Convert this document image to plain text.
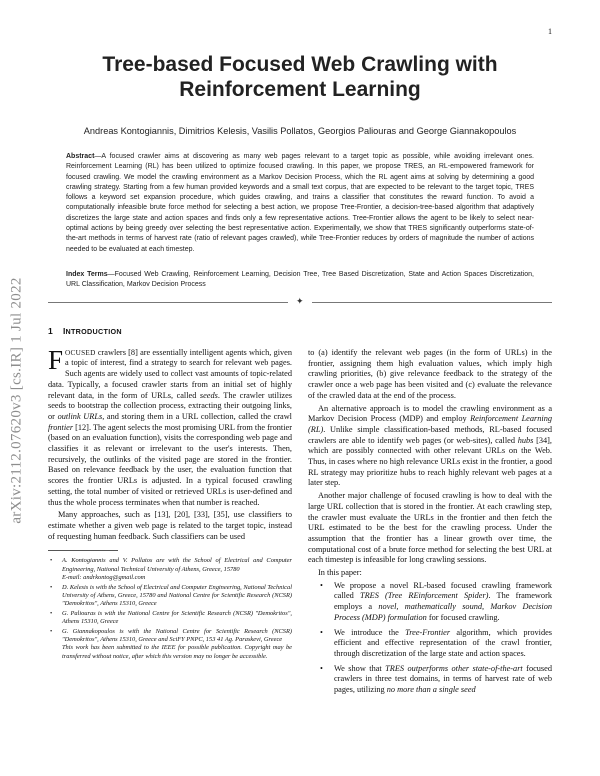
1
arXiv:2112.07620v3 [cs.IR] 1 Jul 2022
Tree-based Focused Web Crawling with Reinforcement Learning
Andreas Kontogiannis, Dimitrios Kelesis, Vasilis Pollatos, Georgios Paliouras and George Giannakopoulos
Abstract—A focused crawler aims at discovering as many web pages relevant to a target topic as possible, while avoiding irrelevant ones. Reinforcement Learning (RL) has been utilized to optimize focused crawling. In this paper, we propose TRES, an RL-empowered framework for focused crawling. We model the crawling environment as a Markov Decision Process, which the RL agent aims at solving by determining a good crawling strategy. Starting from a few human provided keywords and a small text corpus, that are expected to be relevant to the target topic, TRES follows a keyword set expansion procedure, which guides crawling, and trains a classifier that constitutes the reward function. To avoid a computationally infeasible brute force method for selecting a best action, we propose Tree-Frontier, a decision-tree-based algorithm that adaptively discretizes the large state and action spaces and finds only a few representative actions. Tree-Frontier allows the agent to be likely to select near-optimal actions by being greedy over selecting the best representative action. Experimentally, we show that TRES significantly outperforms state-of-the-art methods in terms of harvest rate (ratio of relevant pages crawled), while Tree-Frontier reduces by orders of magnitude the number of actions needed to be evaluated at each timestep.
Index Terms—Focused Web Crawling, Reinforcement Learning, Decision Tree, Tree Based Discretization, State and Action Spaces Discretization, URL Classification, Markov Decision Process
✦
1 INTRODUCTION

FOCUSED crawlers [8] are essentially intelligent agents which, given a topic of interest, find a strategy to search for relevant web pages. Such agents are widely used to collect vast amounts of topic-related data. Typically, a focused crawler starts from an initial set of highly relevant data, in the form of URLs, called seeds. The crawler utilizes seeds to bootstrap the collection process, extracting their outgoing links, or outlink URLs, and storing them in a URL collection, called the crawl frontier [12]. The agent selects the most promising URL from the frontier (based on an evaluation function), visits the corresponding web page and classifies it as relevant or irrelevant to the user's interests. Then, recursively, the outlinks of the visited page are stored in the frontier. Based on relevance feedback by the user, the evaluation function that scores the frontier URLs is adjusted. In a typical focused crawling setting, the total number of visited or retrieved URLs is user-defined and thus the whole process terminates when that number is reached.

Many approaches, such as [13], [20], [33], [35], use classifiers to estimate whether a given web page is related to the target topic, instead of requesting human feedback. Such classifiers can be used

• A. Kontogiannis and V. Pollatos are with the School of Electrical and Computer Engineering, National Technical University of Athens, Greece, 15780
E-mail: andrkontog@gmail.com
• D. Kelesis is with the School of Electrical and Computer Engineering, National Technical University of Athens, Greece, 15780 and National Centre for Scientific Research (NCSR) "Demokritos", Athens 15310, Greece
• G. Paliouras is with the National Centre for Scientific Research (NCSR) "Demokritos", Athens 15310, Greece
• G. Giannakopoulos is with the National Centre for Scientific Research (NCSR) "Demokritos", Athens 15310, Greece and SciFY PNPC, 153 41 Ag. Paraskevi, Greece
This work has been submitted to the IEEE for possible publication. Copyright may be transferred without notice, after which this version may no longer be accessible.

to (a) identify the relevant web pages (in the form of URLs) in the frontier, assigning them high evaluation values, which imply high crawling priorities, (b) give relevance feedback to the strategy of the crawler once a web page has been visited and (c) evaluate the relevance of the crawled data at the end of the process.

An alternative approach is to model the crawling environment as a Markov Decision Process (MDP) and employ Reinforcement Learning (RL). Unlike simple classification-based methods, RL-based focused crawlers are able to identify web pages (or web-sites), called hubs [34], which are possibly connected with other relevant URLs on the Web. Thus, in cases where no high relevance URLs exist in the frontier, a good RL strategy may prioritize hubs to reach highly relevant web pages at a later step.

Another major challenge of focused crawling is how to deal with the large URL collection that is stored in the frontier. At each crawling step, the crawler must evaluate the URLs in the frontier and then fetch the URL estimated to be the best for the crawling process. Under the assumption that the frontier has a linear growth over time, the computational cost of a brute force method for selecting the best URL at each timestep is infeasible for long crawling sessions.

In this paper:

• We propose a novel RL-based focused crawling framework called TRES (Tree REinforcement Spider). The framework employs a novel, mathematically sound, Markov Decision Process (MDP) formulation for focused crawling.
• We introduce the Tree-Frontier algorithm, which provides efficient and effective representation of the crawl frontier, through discretization of the large state and action spaces.
• We show that TRES outperforms other state-of-the-art focused crawlers in three test domains, in terms of harvest rate of web pages, utilizing no more than a single seed
